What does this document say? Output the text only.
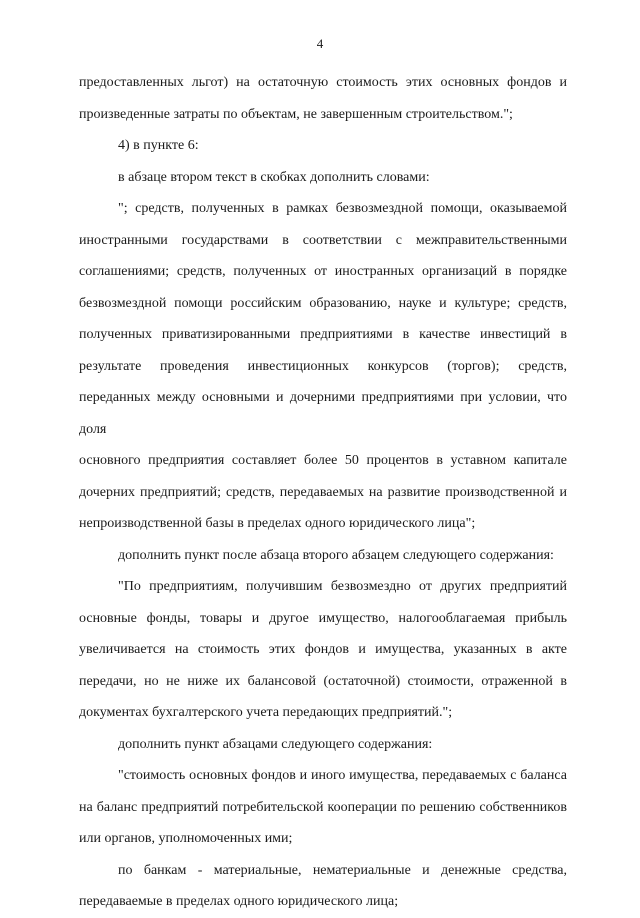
4

предоставленных льгот) на остаточную стоимость этих основных фондов и
произведенные затраты по объектам, не завершенным строительством.";

4) в пункте 6:

в абзаце втором текст в скобках дополнить словами:

"; средств, полученных в рамках безвозмездной помощи, оказываемой
иностранными государствами в соответствии с межправительственными
соглашениями; средств, полученных от иностранных организаций в порядке
безвозмездной помощи российским образованию, науке и культуре; средств,
полученных приватизированными предприятиями в качестве инвестиций в
результате проведения инвестиционных конкурсов (торгов); средств,
переданных между основными и дочерними предприятиями при условии, что доля
основного предприятия составляет более 50 процентов в уставном капитале
дочерних предприятий; средств, передаваемых на развитие производственной и
непроизводственной базы в пределах одного юридического лица";

дополнить пункт после абзаца второго абзацем следующего содержания:

"По предприятиям, получившим безвозмездно от других предприятий
основные фонды, товары и другое имущество, налогооблагаемая прибыль
увеличивается на стоимость этих фондов и имущества, указанных в акте
передачи, но не ниже их балансовой (остаточной) стоимости, отраженной в
документах бухгалтерского учета передающих предприятий.";

дополнить пункт абзацами следующего содержания:

"стоимость основных фондов и иного имущества, передаваемых с баланса
на баланс предприятий потребительской кооперации по решению собственников
или органов, уполномоченных ими;

по банкам - материальные, нематериальные и денежные средства,
передаваемые в пределах одного юридического лица;
